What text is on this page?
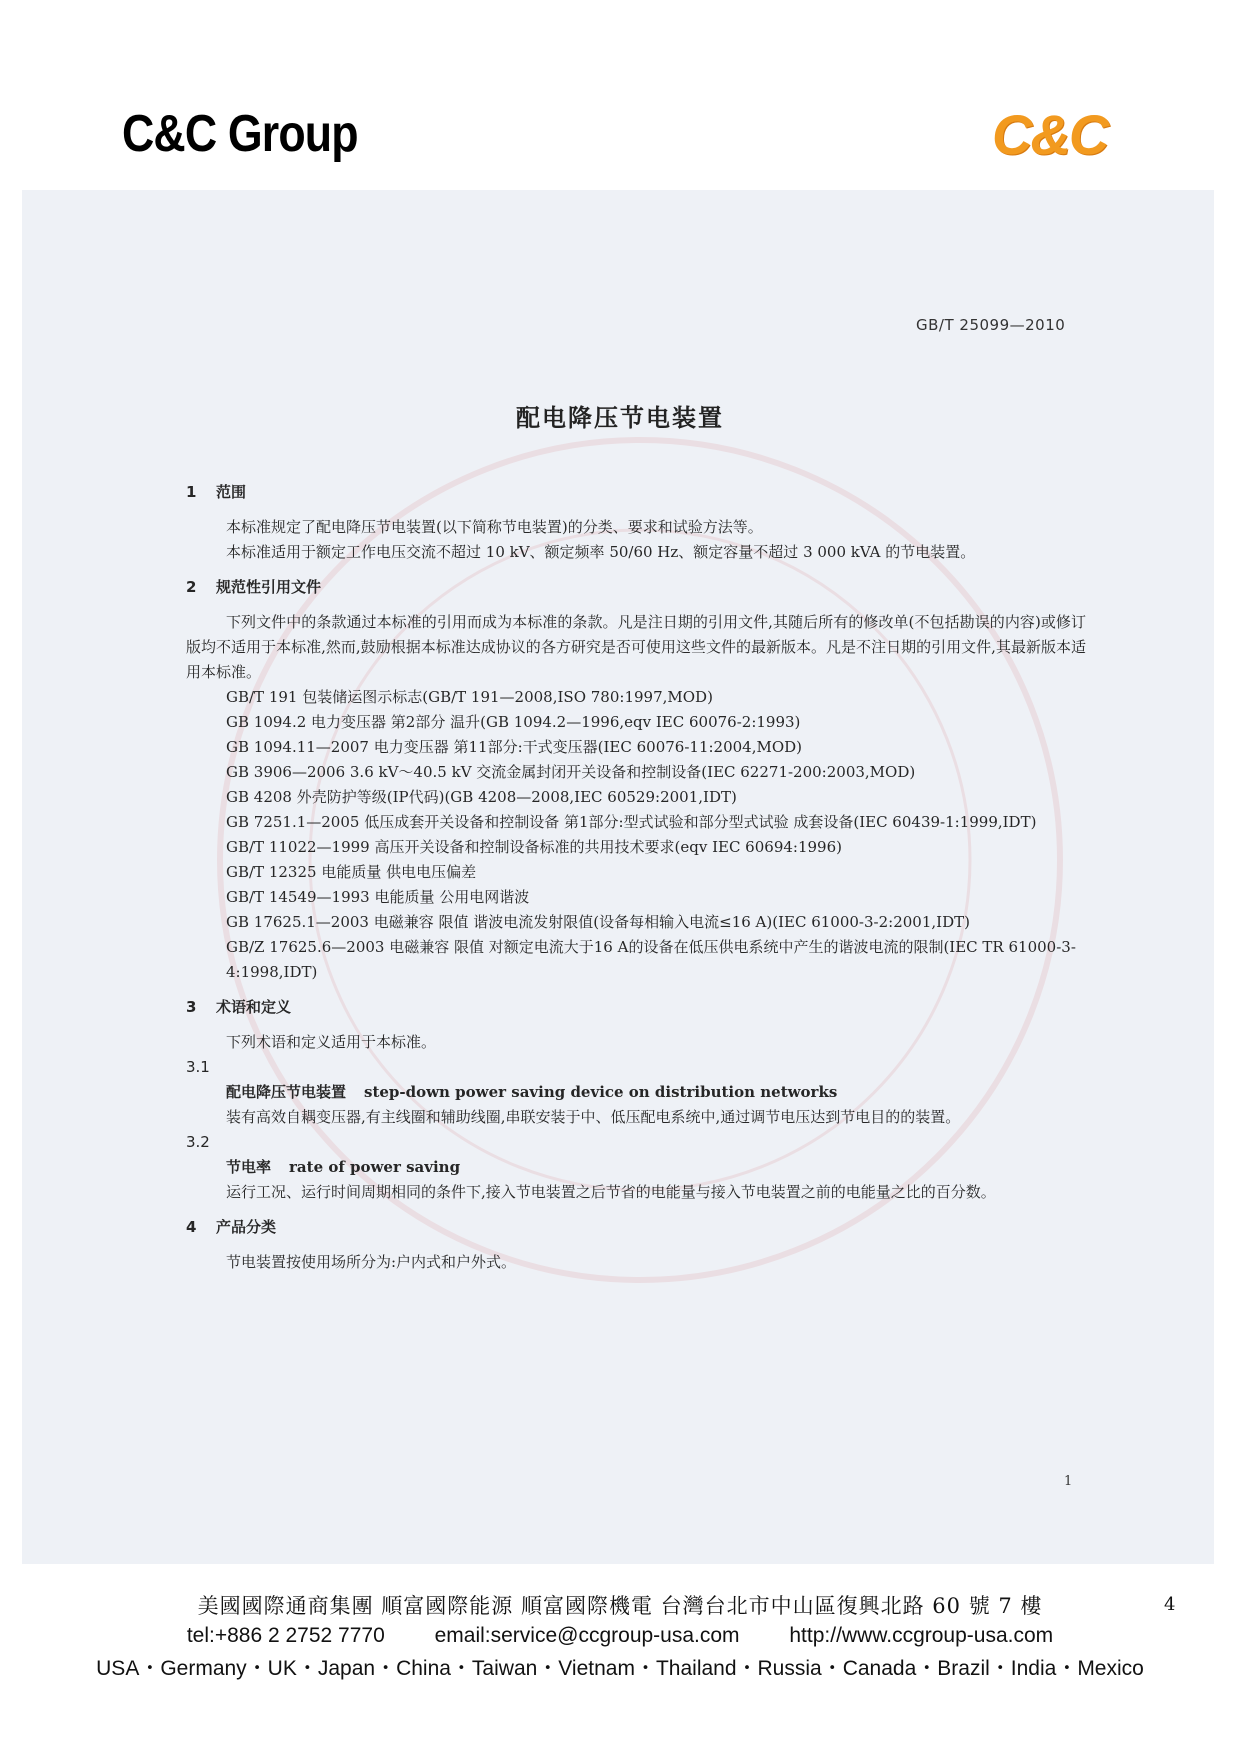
C&C Group	C&C
GB/T 25099—2010
配电降压节电装置

1 范围

本标准规定了配电降压节电装置(以下简称节电装置)的分类、要求和试验方法等。

本标准适用于额定工作电压交流不超过 10 kV、额定频率 50/60 Hz、额定容量不超过 3 000 kVA 的节电装置。

2 规范性引用文件

下列文件中的条款通过本标准的引用而成为本标准的条款。凡是注日期的引用文件,其随后所有的修改单(不包括勘误的内容)或修订版均不适用于本标准,然而,鼓励根据本标准达成协议的各方研究是否可使用这些文件的最新版本。凡是不注日期的引用文件,其最新版本适用本标准。

GB/T 191 包装储运图示标志(GB/T 191—2008,ISO 780:1997,MOD)

GB 1094.2 电力变压器 第2部分 温升(GB 1094.2—1996,eqv IEC 60076-2:1993)

GB 1094.11—2007 电力变压器 第11部分:干式变压器(IEC 60076-11:2004,MOD)

GB 3906—2006 3.6 kV～40.5 kV 交流金属封闭开关设备和控制设备(IEC 62271-200:2003,MOD)

GB 4208 外壳防护等级(IP代码)(GB 4208—2008,IEC 60529:2001,IDT)

GB 7251.1—2005 低压成套开关设备和控制设备 第1部分:型式试验和部分型式试验 成套设备(IEC 60439-1:1999,IDT)

GB/T 11022—1999 高压开关设备和控制设备标准的共用技术要求(eqv IEC 60694:1996)

GB/T 12325 电能质量 供电电压偏差

GB/T 14549—1993 电能质量 公用电网谐波

GB 17625.1—2003 电磁兼容 限值 谐波电流发射限值(设备每相输入电流≤16 A)(IEC 61000-3-2:2001,IDT)

GB/Z 17625.6—2003 电磁兼容 限值 对额定电流大于16 A的设备在低压供电系统中产生的谐波电流的限制(IEC TR 61000-3-4:1998,IDT)

3 术语和定义

下列术语和定义适用于本标准。

3.1

配电降压节电装置 step-down power saving device on distribution networks

装有高效自耦变压器,有主线圈和辅助线圈,串联安装于中、低压配电系统中,通过调节电压达到节电目的的装置。

3.2

节电率 rate of power saving

运行工况、运行时间周期相同的条件下,接入节电装置之后节省的电能量与接入节电装置之前的电能量之比的百分数。

4 产品分类

节电装置按使用场所分为:户内式和户外式。

1
美國國際通商集團 順富國際能源 順富國際機電 台灣台北市中山區復興北路 60 號 7 樓
tel:+886 2 2752 7770 email:service@ccgroup-usa.com http://www.ccgroup-usa.com
USA・Germany・UK・Japan・China・Taiwan・Vietnam・Thailand・Russia・Canada・Brazil・India・Mexico
4
